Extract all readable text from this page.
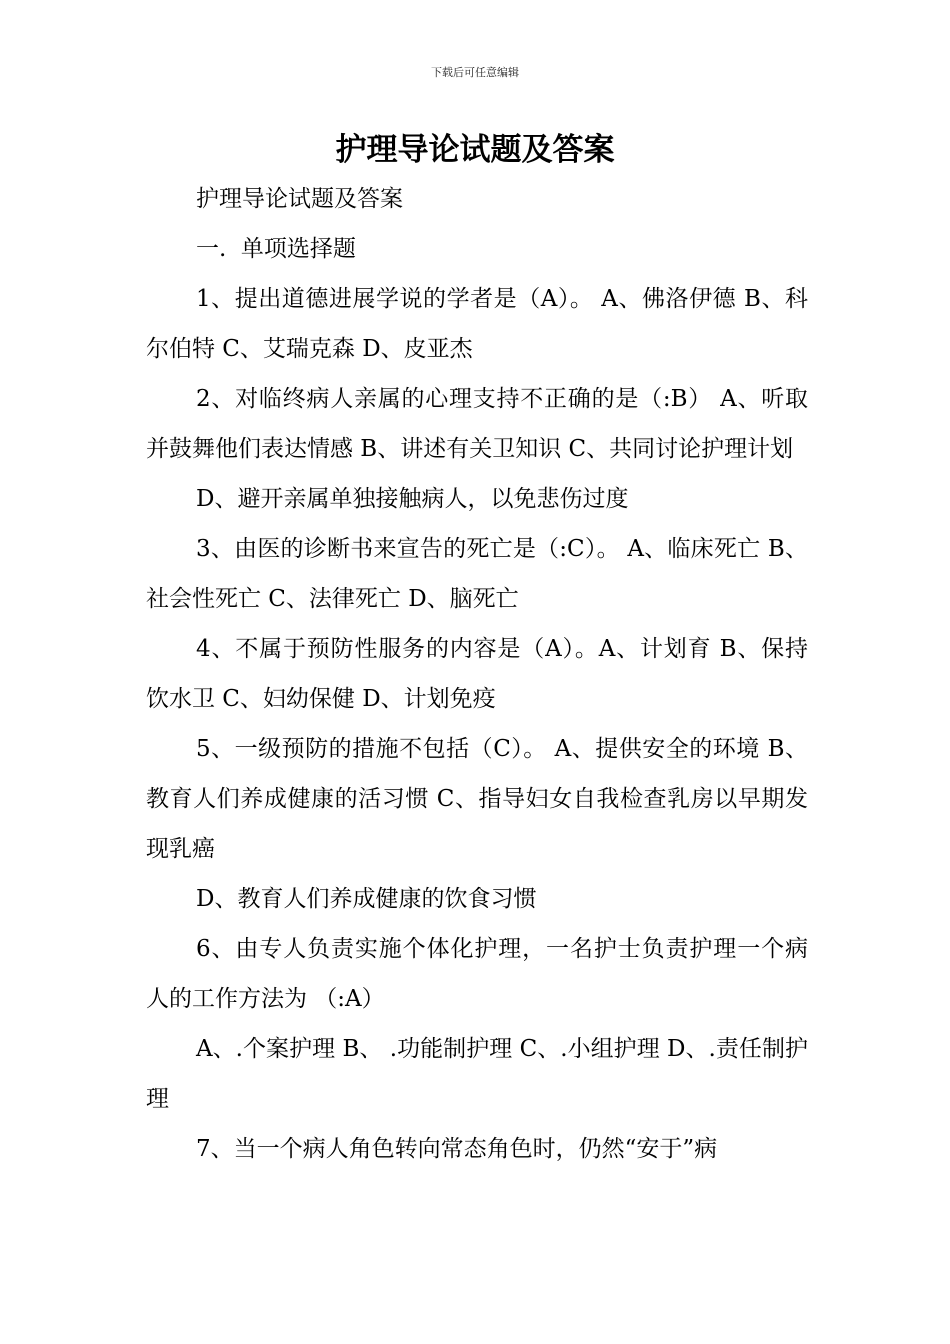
下载后可任意编辑
护理导论试题及答案

护理导论试题及答案

一.  单项选择题

1、提出道德进展学说的学者是（A）。 A、佛洛伊德 B、科尔伯特 C、艾瑞克森 D、皮亚杰

2、对临终病人亲属的心理支持不正确的是（:B） A、听取并鼓舞他们表达情感 B、讲述有关卫知识 C、共同讨论护理计划

D、避开亲属单独接触病人，以免悲伤过度

3、由医的诊断书来宣告的死亡是（:C）。 A、临床死亡 B、社会性死亡 C、法律死亡 D、脑死亡

4、不属于预防性服务的内容是（A）。A、计划育 B、保持饮水卫 C、妇幼保健 D、计划免疫

5、一级预防的措施不包括（C）。 A、提供安全的环境 B、教育人们养成健康的活习惯 C、指导妇女自我检查乳房以早期发现乳癌

D、教育人们养成健康的饮食习惯

6、由专人负责实施个体化护理，一名护士负责护理一个病人的工作方法为 （:A）

A、.个案护理 B、 .功能制护理 C、.小组护理 D、.责任制护理

7、当一个病人角色转向常态角色时，仍然“安于”病
